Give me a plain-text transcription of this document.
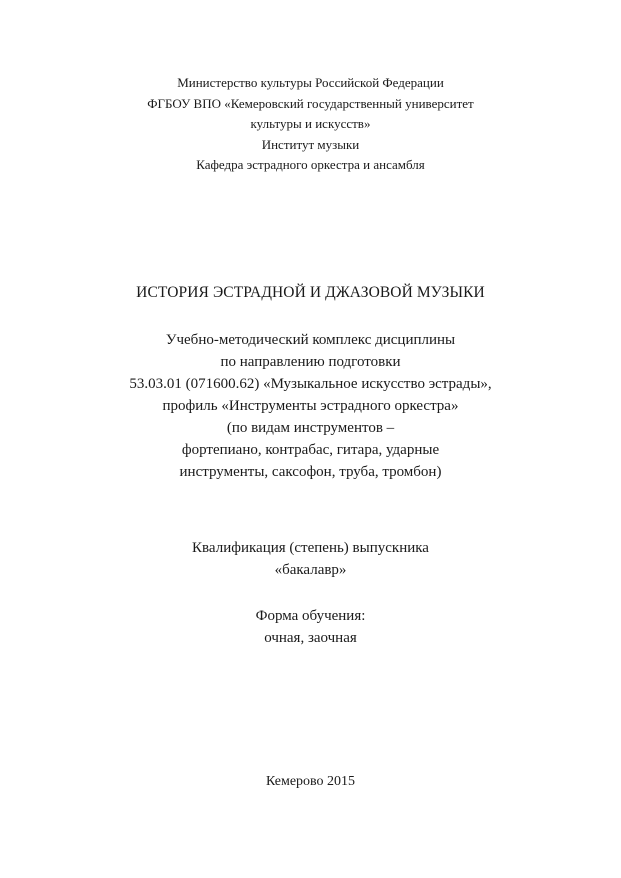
Министерство культуры Российской Федерации
ФГБОУ ВПО «Кемеровский государственный университет
культуры и искусств»
Институт музыки
Кафедра эстрадного оркестра и ансамбля
ИСТОРИЯ ЭСТРАДНОЙ И ДЖАЗОВОЙ МУЗЫКИ
Учебно-методический комплекс дисциплины
по направлению подготовки
53.03.01 (071600.62) «Музыкальное искусство эстрады»,
профиль «Инструменты эстрадного оркестра»
(по видам инструментов –
фортепиано, контрабас, гитара, ударные
инструменты, саксофон, труба, тромбон)
Квалификация (степень) выпускника
«бакалавр»
Форма обучения:
очная, заочная
Кемерово 2015
